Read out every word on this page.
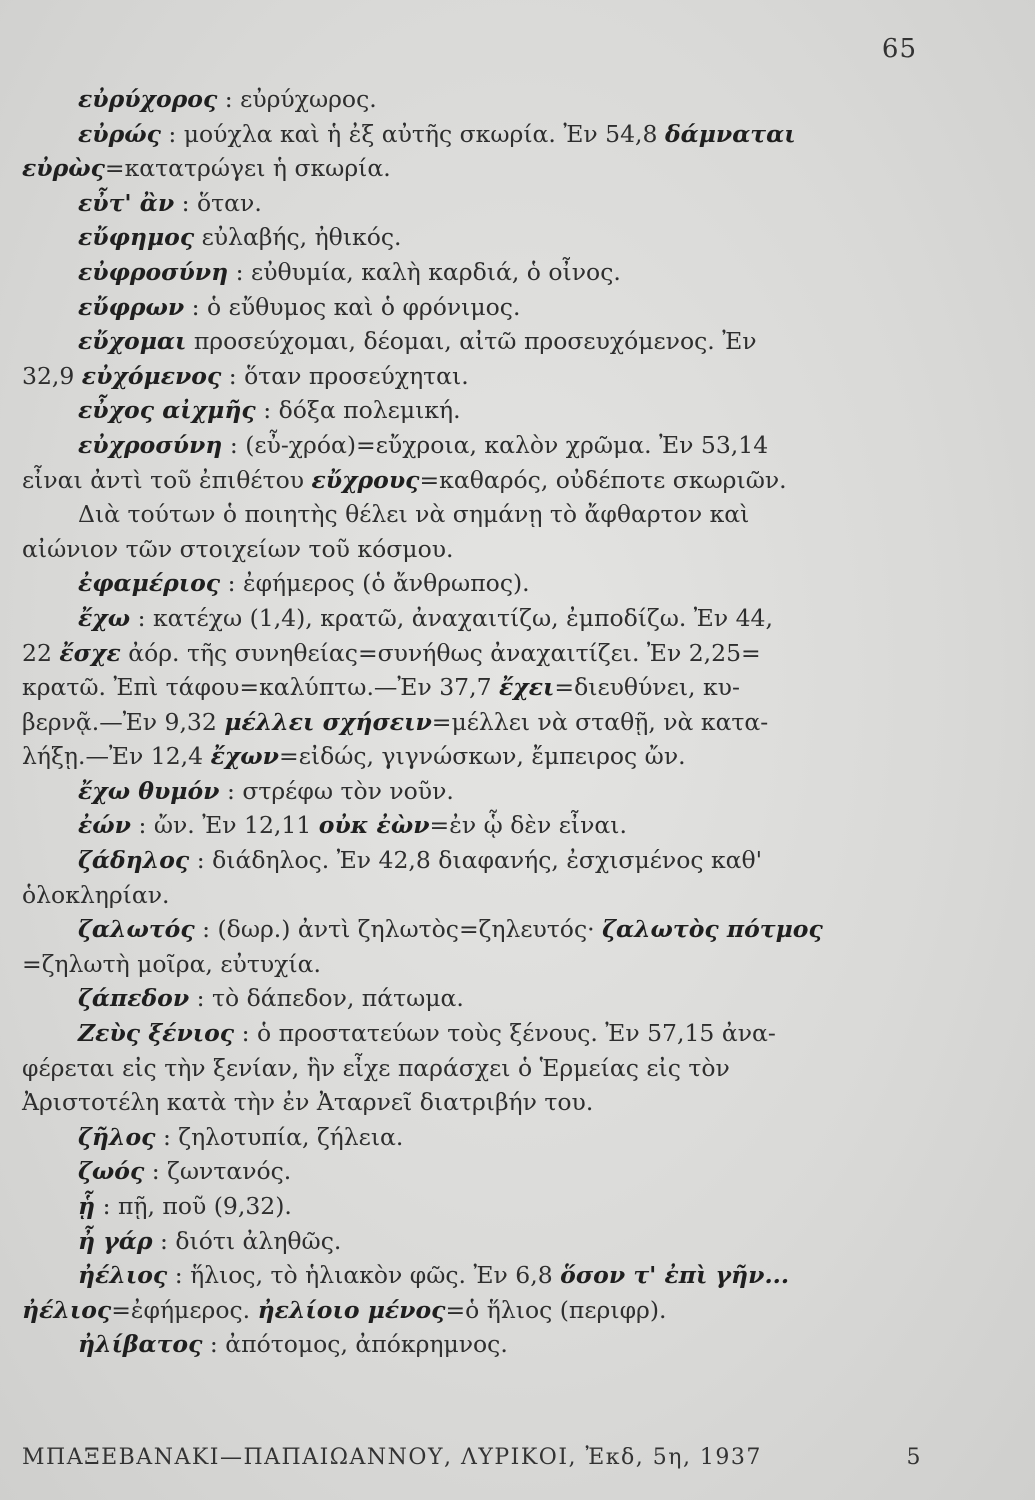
65
εὐρύχορος : εὐρύχωρος.
εὐρώς : μούχλα καὶ ἡ ἐξ αὐτῆς σκωρία. Ἐν 54,8 δάμναται
εὐρὼς=κατατρώγει ἡ σκωρία.
εὖτ' ἂν : ὅταν.
εὔφημος εὐλαβής, ἠθικός.
εὐφροσύνη : εὐθυμία, καλὴ καρδιά, ὁ οἶνος.
εὔφρων : ὁ εὔθυμος καὶ ὁ φρόνιμος.
εὔχομαι προσεύχομαι, δέομαι, αἰτῶ προσευχόμενος. Ἐν
32,9 εὐχόμενος : ὅταν προσεύχηται.
εὖχος αἰχμῆς : δόξα πολεμική.
εὐχροσύνη : (εὖ-χρόα)=εὔχροια, καλὸν χρῶμα. Ἐν 53,14
εἶναι ἀντὶ τοῦ ἐπιθέτου εὔχρους=καθαρός, οὐδέποτε σκωριῶν.
Διὰ τούτων ὁ ποιητὴς θέλει νὰ σημάνῃ τὸ ἄφθαρτον καὶ
αἰώνιον τῶν στοιχείων τοῦ κόσμου.
ἐφαμέριος : ἐφήμερος (ὁ ἄνθρωπος).
ἔχω : κατέχω (1,4), κρατῶ, ἀναχαιτίζω, ἐμποδίζω. Ἐν 44,
22 ἔσχε ἀόρ. τῆς συνηθείας=συνήθως ἀναχαιτίζει. Ἐν 2,25=
κρατῶ. Ἐπὶ τάφου=καλύπτω.—Ἐν 37,7 ἔχει=διευθύνει, κυ-
βερνᾷ.—Ἐν 9,32 μέλλει σχήσειν=μέλλει νὰ σταθῇ, νὰ κατα-
λήξῃ.—Ἐν 12,4 ἔχων=εἰδώς, γιγνώσκων, ἔμπειρος ὤν.
ἔχω θυμόν : στρέφω τὸν νοῦν.
ἐών : ὤν. Ἐν 12,11 οὐκ ἐὼν=ἐν ᾧ δὲν εἶναι.
ζάδηλος : διάδηλος. Ἐν 42,8 διαφανής, ἐσχισμένος καθ'
ὁλοκληρίαν.
ζαλωτός : (δωρ.) ἀντὶ ζηλωτὸς=ζηλευτός· ζαλωτὸς πότμος
=ζηλωτὴ μοῖρα, εὐτυχία.
ζάπεδον : τὸ δάπεδον, πάτωμα.
Ζεὺς ξένιος : ὁ προστατεύων τοὺς ξένους. Ἐν 57,15 ἀνα-
φέρεται εἰς τὴν ξενίαν, ἣν εἶχε παράσχει ὁ Ἑρμείας εἰς τὸν
Ἀριστοτέλη κατὰ τὴν ἐν Ἀταρνεῖ διατριβήν του.
ζῆλος : ζηλοτυπία, ζήλεια.
ζωός : ζωντανός.
ᾗ : πῇ, ποῦ (9,32).
ἦ γάρ : διότι ἀληθῶς.
ἠέλιος : ἥλιος, τὸ ἡλιακὸν φῶς. Ἐν 6,8 ὅσον τ' ἐπὶ γῆν...
ἠέλιος=ἐφήμερος. ἠελίοιο μένος=ὁ ἥλιος (περιφρ).
ἠλίβατος : ἀπότομος, ἀπόκρημνος.
ΜΠΑΞΕΒΑΝΑΚΙ—ΠΑΠΑΙΩΑΝΝΟΥ, ΛΥΡΙΚΟΙ, Ἐκδ, 5η, 1937	5
